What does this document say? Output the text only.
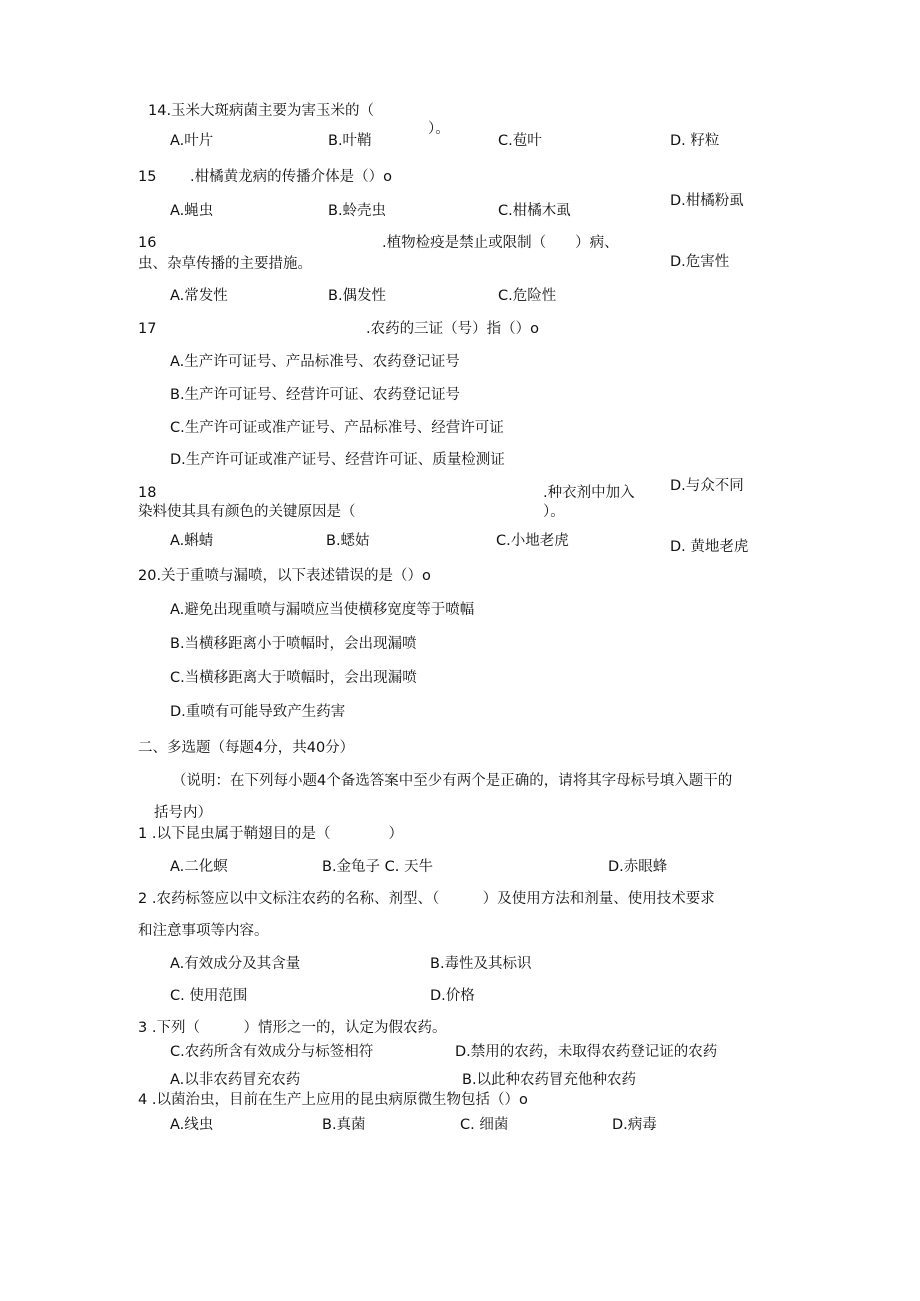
14.玉米大斑病菌主要为害玉米的（
）。
A.叶片	B.叶鞘	C.苞叶	D. 籽粒
15 .柑橘黄龙病的传播介体是（）o
A.蝇虫	B.蛉壳虫	C.柑橘木虱
D.柑橘粉虱
16	.植物检疫是禁止或限制（　　）病、
虫、杂草传播的主要措施。
A.常发性	B.偶发性	C.危险性
D.危害性
17	.农药的三证（号）指（）o
A.生产许可证号、产品标准号、农药登记证号
B.生产许可证号、经营许可证、农药登记证号
C.生产许可证或准产证号、产品标准号、经营许可证
D.生产许可证或准产证号、经营许可证、质量检测证
18	.种衣剂中加入 D.与众不同
染料使其具有颜色的关键原因是（	）。
A.蝌蜻	B.蟋姑	C.小地老虎	D. 黄地老虎
20.关于重喷与漏喷，以下表述错误的是（）o
A.避免出现重喷与漏喷应当使横移宽度等于喷幅
B.当横移距离小于喷幅时，会出现漏喷
C.当横移距离大于喷幅时，会出现漏喷
D.重喷有可能导致产生药害
二、多选题（每题4分，共40分）
（说明：在下列每小题4个备选答案中至少有两个是正确的，请将其字母标号填入题干的
括号内）
1 .以下昆虫属于鞘翅目的是（　　　　）
A.二化螟	B.金龟子 C. 天牛	D.赤眼蜂
2 .农药标签应以中文标注农药的名称、剂型、（　　　）及使用方法和剂量、使用技术要求
和注意事项等内容。
A.有效成分及其含量	B.毒性及其标识
C. 使用范围	D.价格
3 .下列（　　　）情形之一的，认定为假农药。
C.农药所含有效成分与标签相符	D.禁用的农药，未取得农药登记证的农药
A.以非农药冒充农药	B.以此种农药冒充他种农药
4 .以菌治虫，目前在生产上应用的昆虫病原微生物包括（）o
A.线虫	B.真菌	C. 细菌	D.病毒
